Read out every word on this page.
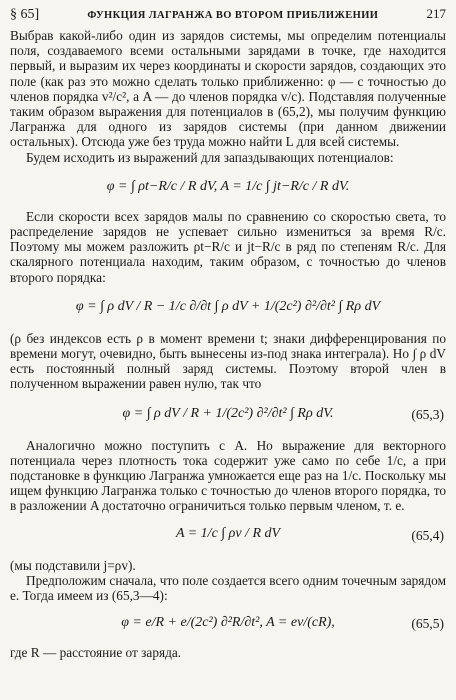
§ 65]	ФУНКЦИЯ ЛАГРАНЖА ВО ВТОРОМ ПРИБЛИЖЕНИИ	217

Выбрав какой-либо один из зарядов системы, мы определим потенциалы поля, создаваемого всеми остальными зарядами в точке, где находится первый, и выразим их через координаты и скорости зарядов, создающих это поле (как раз это можно сделать только приближенно: φ — с точностью до членов порядка v²/c², а A — до членов порядка v/c). Подставляя полученные таким образом выражения для потенциалов в (65,2), мы получим функцию Лагранжа для одного из зарядов системы (при данном движении остальных). Отсюда уже без труда можно найти L для всей системы.

Будем исходить из выражений для запаздывающих потенциалов:

φ = ∫ ρt−R/c / R dV, A = 1/c ∫ jt−R/c / R dV.

Если скорости всех зарядов малы по сравнению со скоростью света, то распределение зарядов не успевает сильно измениться за время R/c. Поэтому мы можем разложить ρt−R/c и jt−R/c в ряд по степеням R/c. Для скалярного потенциала находим, таким образом, с точностью до членов второго порядка:

φ = ∫ ρ dV / R − 1/c ∂/∂t ∫ ρ dV + 1/(2c²) ∂²/∂t² ∫ Rρ dV

(ρ без индексов есть ρ в момент времени t; знаки дифференцирования по времени могут, очевидно, быть вынесены из-под знака интеграла). Но ∫ ρ dV есть постоянный полный заряд системы. Поэтому второй член в полученном выражении равен нулю, так что

φ = ∫ ρ dV / R + 1/(2c²) ∂²/∂t² ∫ Rρ dV.	(65,3)

Аналогично можно поступить с A. Но выражение для векторного потенциала через плотность тока содержит уже само по себе 1/c, а при подстановке в функцию Лагранжа умножается еще раз на 1/c. Поскольку мы ищем функцию Лагранжа только с точностью до членов второго порядка, то в разложении A достаточно ограничиться только первым членом, т. е.

A = 1/c ∫ ρv / R dV	(65,4)

(мы подставили j=ρv).

Предположим сначала, что поле создается всего одним точечным зарядом e. Тогда имеем из (65,3—4):

φ = e/R + e/(2c²) ∂²R/∂t², A = ev/(cR),	(65,5)

где R — расстояние от заряда.
